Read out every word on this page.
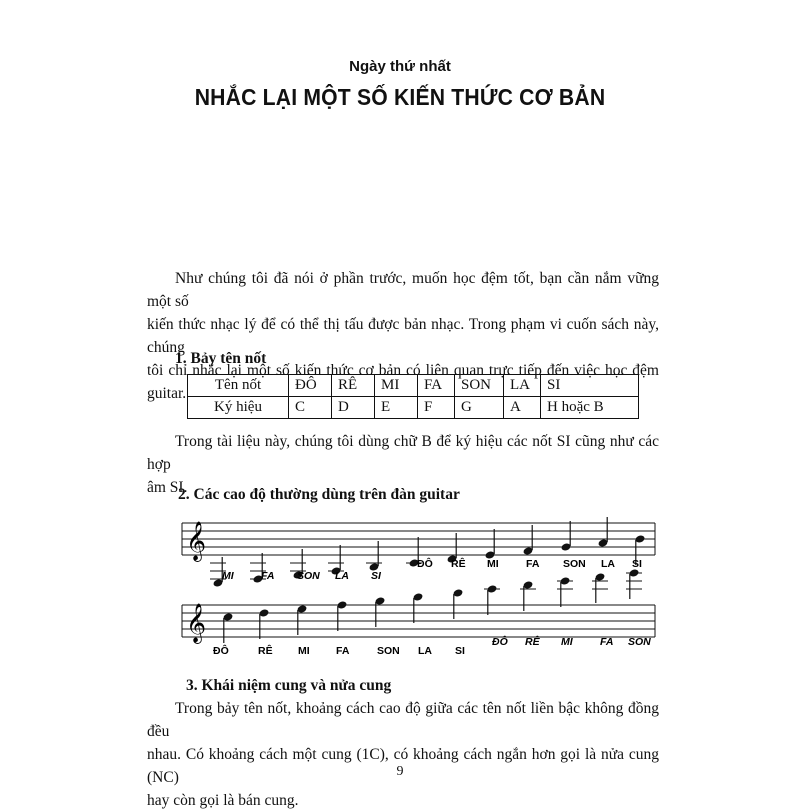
Ngày thứ nhất
NHẮC LẠI MỘT SỐ KIẾN THỨC CƠ BẢN
Như chúng tôi đã nói ở phần trước, muốn học đệm tốt, bạn cần nắm vững một số
kiến thức nhạc lý để có thể thị tấu được bản nhạc. Trong phạm vi cuốn sách này, chúng
tôi chỉ nhắc lại một số kiến thức cơ bản có liên quan trực tiếp đến việc học đệm guitar.
1. Bảy tên nốt
Tên nốt	ĐÔ	RÊ	MI	FA	SON	LA	SI
Ký hiệu	C	D	E	F	G	A	H hoặc B
Trong tài liệu này, chúng tôi dùng chữ B để ký hiệu các nốt SI cũng như các hợp
âm SI.
2. Các cao độ thường dùng trên đàn guitar
𝄞
MI	FA SON LA SI
ĐÔ RÊ MI	FA SON LA SI
𝄞
ĐÔ	RÊ MI	FA	SON LA SI
ĐÔ RÊ MI	FA SON
3. Khái niệm cung và nửa cung
Trong bảy tên nốt, khoảng cách cao độ giữa các tên nốt liền bậc không đồng đều
nhau. Có khoảng cách một cung (1C), có khoảng cách ngắn hơn gọi là nửa cung (NC)
hay còn gọi là bán cung.
9
